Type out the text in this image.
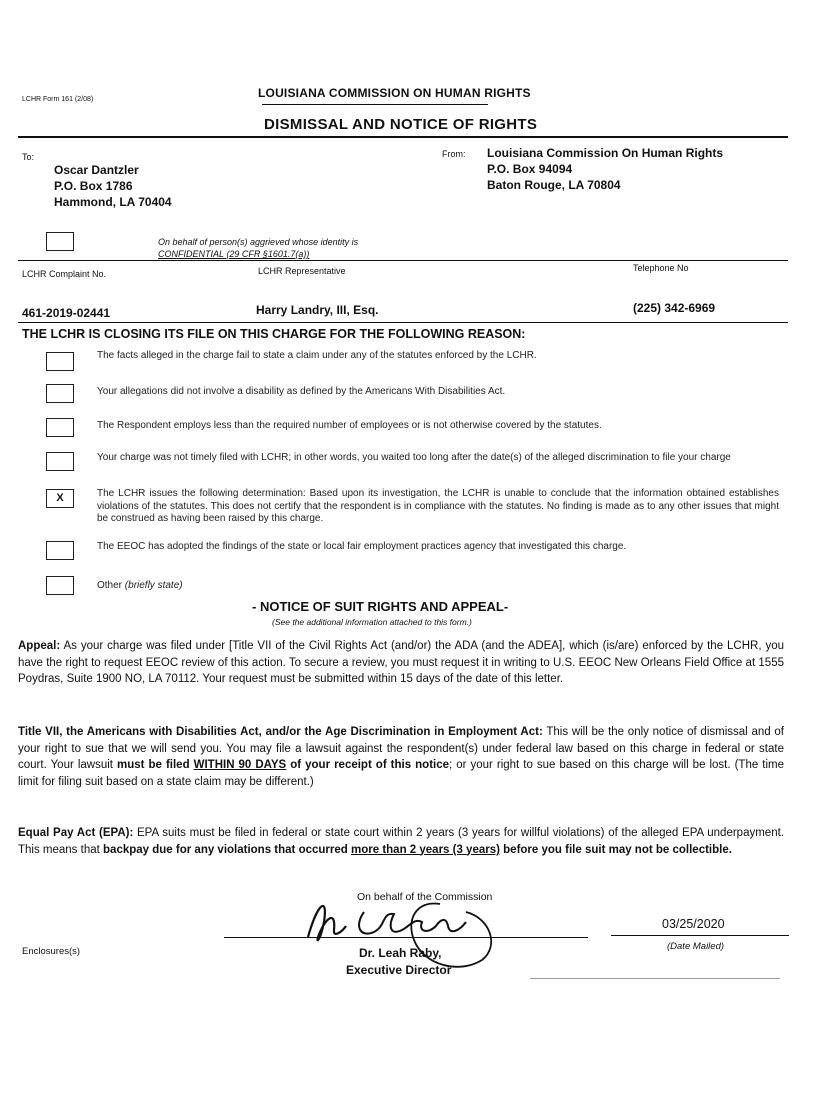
LCHR Form 161 (2/08)	LOUISIANA COMMISSION ON HUMAN RIGHTS
DISMISSAL AND NOTICE OF RIGHTS
To:
Oscar Dantzler
P.O. Box 1786
Hammond, LA 70404
From: Louisiana Commission On Human Rights
P.O. Box 94094
Baton Rouge, LA 70804
On behalf of person(s) aggrieved whose identity is
CONFIDENTIAL (29 CFR §1601.7(a))
LCHR Complaint No.	LCHR Representative	Telephone No
461-2019-02441	Harry Landry, III, Esq.	(225) 342-6969
THE LCHR IS CLOSING ITS FILE ON THIS CHARGE FOR THE FOLLOWING REASON:
The facts alleged in the charge fail to state a claim under any of the statutes enforced by the LCHR.
Your allegations did not involve a disability as defined by the Americans With Disabilities Act.
The Respondent employs less than the required number of employees or is not otherwise covered by the statutes.
Your charge was not timely filed with LCHR; in other words, you waited too long after the date(s) of the alleged discrimination to file your charge
X	The LCHR issues the following determination: Based upon its investigation, the LCHR is unable to conclude that the information obtained establishes violations of the statutes. This does not certify that the respondent is in compliance with the statutes. No finding is made as to any other issues that might be construed as having been raised by this charge.
The EEOC has adopted the findings of the state or local fair employment practices agency that investigated this charge.
Other (briefly state)
- NOTICE OF SUIT RIGHTS AND APPEAL-
(See the additional information attached to this form.)
Appeal: As your charge was filed under [Title VII of the Civil Rights Act (and/or) the ADA (and the ADEA], which (is/are) enforced by the LCHR, you have the right to request EEOC review of this action. To secure a review, you must request it in writing to U.S. EEOC New Orleans Field Office at 1555 Poydras, Suite 1900 NO, LA 70112. Your request must be submitted within 15 days of the date of this letter.
Title VII, the Americans with Disabilities Act, and/or the Age Discrimination in Employment Act: This will be the only notice of dismissal and of your right to sue that we will send you. You may file a lawsuit against the respondent(s) under federal law based on this charge in federal or state court. Your lawsuit must be filed WITHIN 90 DAYS of your receipt of this notice; or your right to sue based on this charge will be lost. (The time limit for filing suit based on a state claim may be different.)
Equal Pay Act (EPA): EPA suits must be filed in federal or state court within 2 years (3 years for willful violations) of the alleged EPA underpayment. This means that backpay due for any violations that occurred more than 2 years (3 years) before you file suit may not be collectible.
On behalf of the Commission
Dr. Leah Raby,
Executive Director
03/25/2020
(Date Mailed)
Enclosures(s)
